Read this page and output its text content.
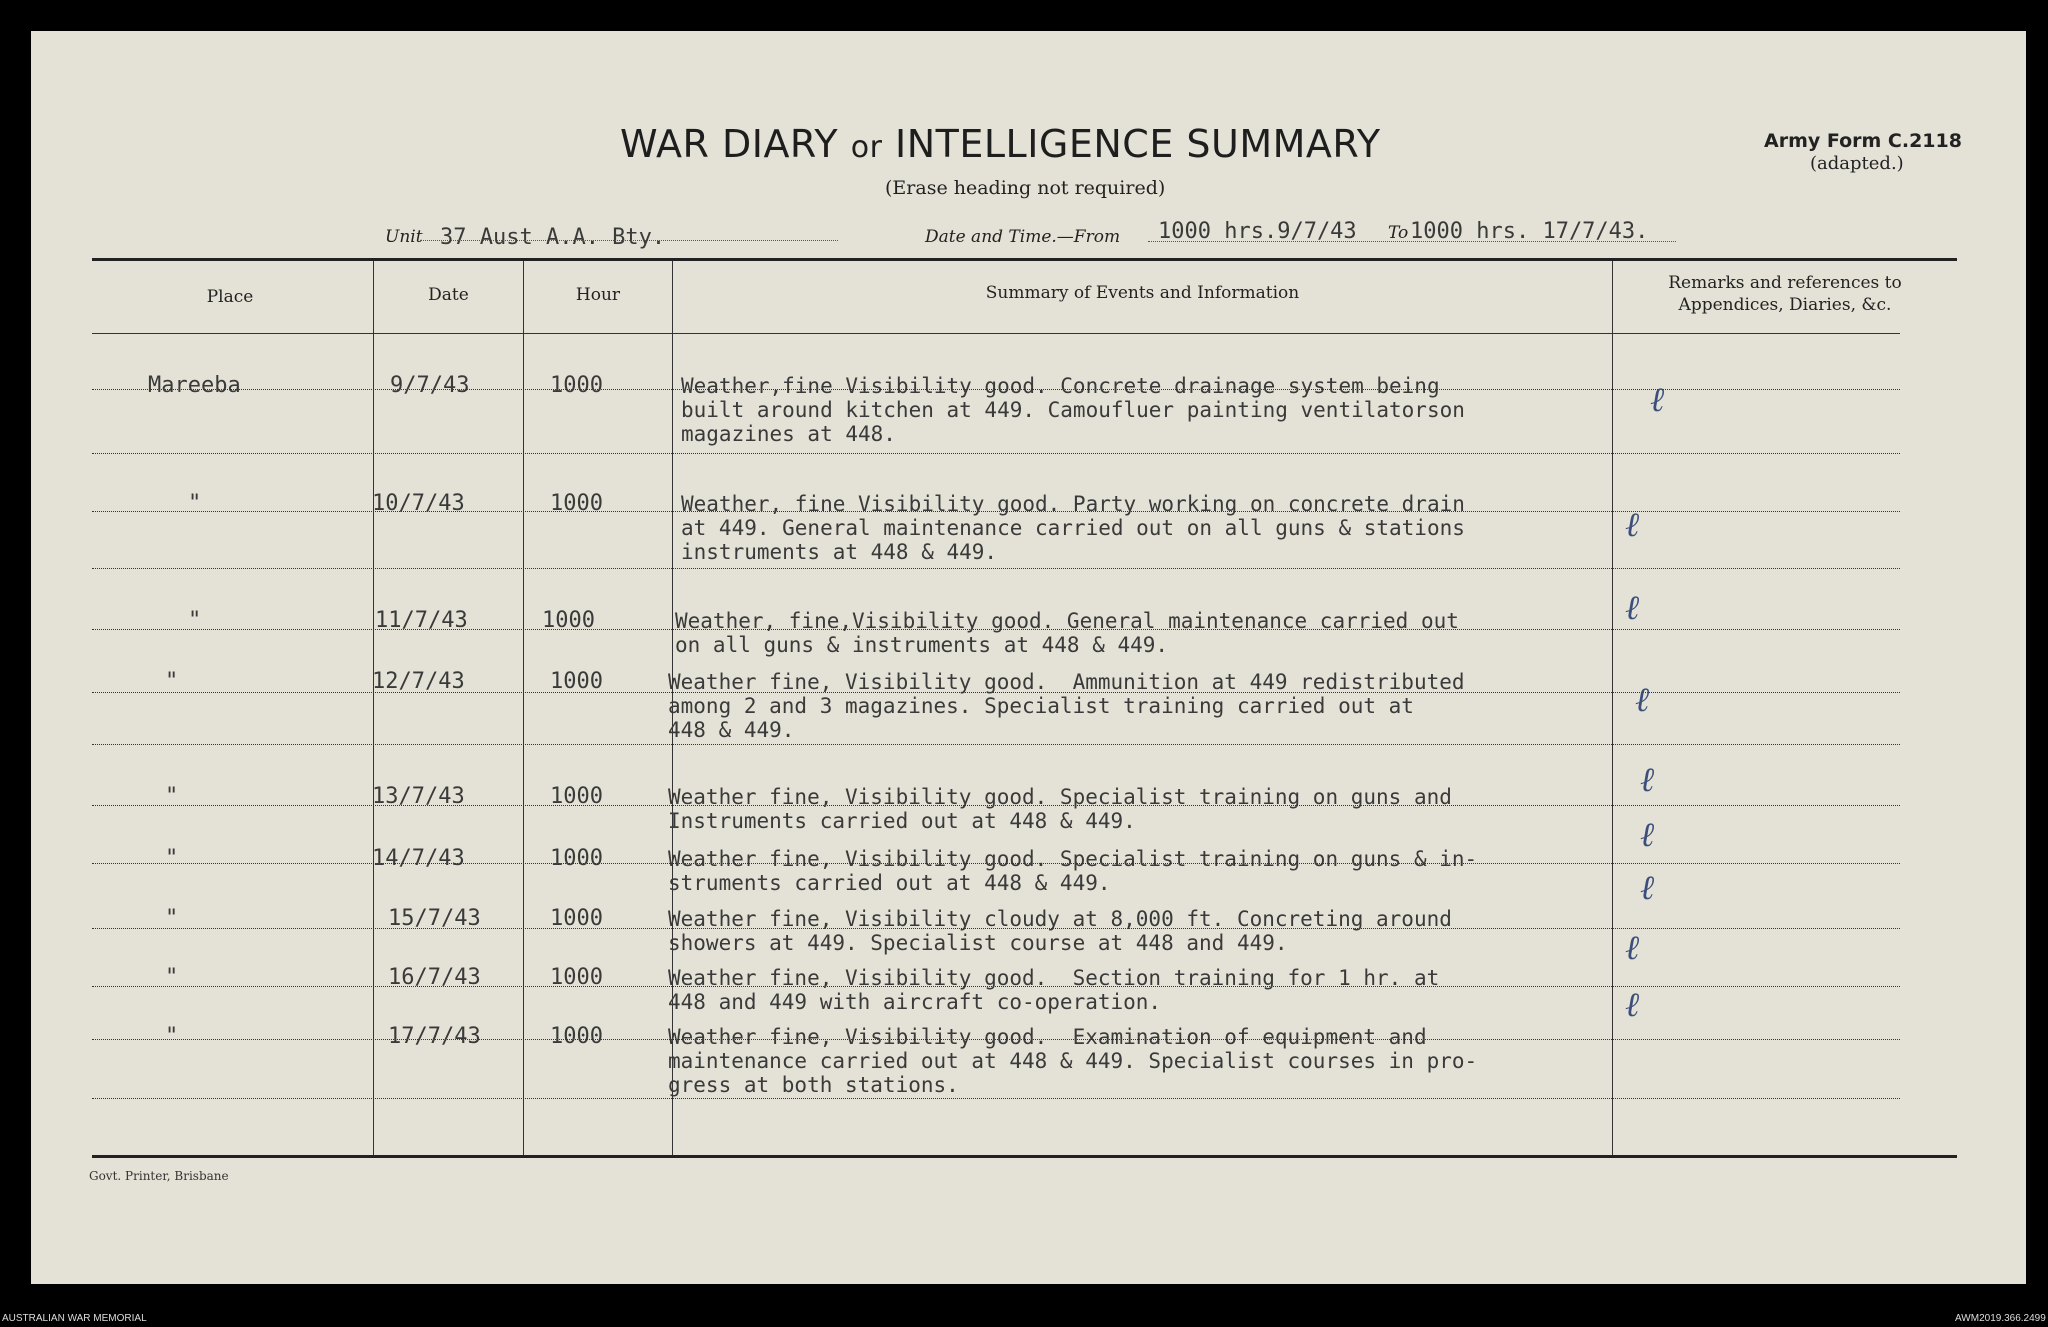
WAR DIARY or INTELLIGENCE SUMMARY
(Erase heading not required)
Army Form C.2118
(adapted.)
Unit 37 Aust A.A. Bty.	Date and Time.—From 1000 hrs.9/7/43 To 1000 hrs. 17/7/43.
Place	Date	Hour	Summary of Events and Information	Remarks and references to
Appendices, Diaries, &c.
Mareeba	9/7/43	1000	Weather,fine Visibility good. Concrete drainage system being
built around kitchen at 449. Camoufluer painting ventilatorson
magazines at 448.
ℓ
"	10/7/43	1000	Weather, fine Visibility good. Party working on concrete drain
at 449. General maintenance carried out on all guns & stations
instruments at 448 & 449.
ℓ
"	11/7/43	1000	Weather, fine,Visibility good. General maintenance carried out
on all guns & instruments at 448 & 449.
ℓ
"	12/7/43	1000	Weather fine, Visibility good.  Ammunition at 449 redistributed
among 2 and 3 magazines. Specialist training carried out at
448 & 449.
ℓ
"	13/7/43	1000	Weather fine, Visibility good. Specialist training on guns and
Instruments carried out at 448 & 449.
ℓ
"	14/7/43	1000	Weather fine, Visibility good. Specialist training on guns & in-
struments carried out at 448 & 449.
ℓ
"	15/7/43	1000	Weather fine, Visibility cloudy at 8,000 ft. Concreting around
showers at 449. Specialist course at 448 and 449.
ℓ
"	16/7/43	1000	Weather fine, Visibility good.  Section training for 1 hr. at
448 and 449 with aircraft co-operation.
ℓ
"	17/7/43	1000	Weather fine, Visibility good.  Examination of equipment and
maintenance carried out at 448 & 449. Specialist courses in pro-
gress at both stations.
ℓ
Govt. Printer, Brisbane
AUSTRALIAN WAR MEMORIAL	AWM2019.366.2499
